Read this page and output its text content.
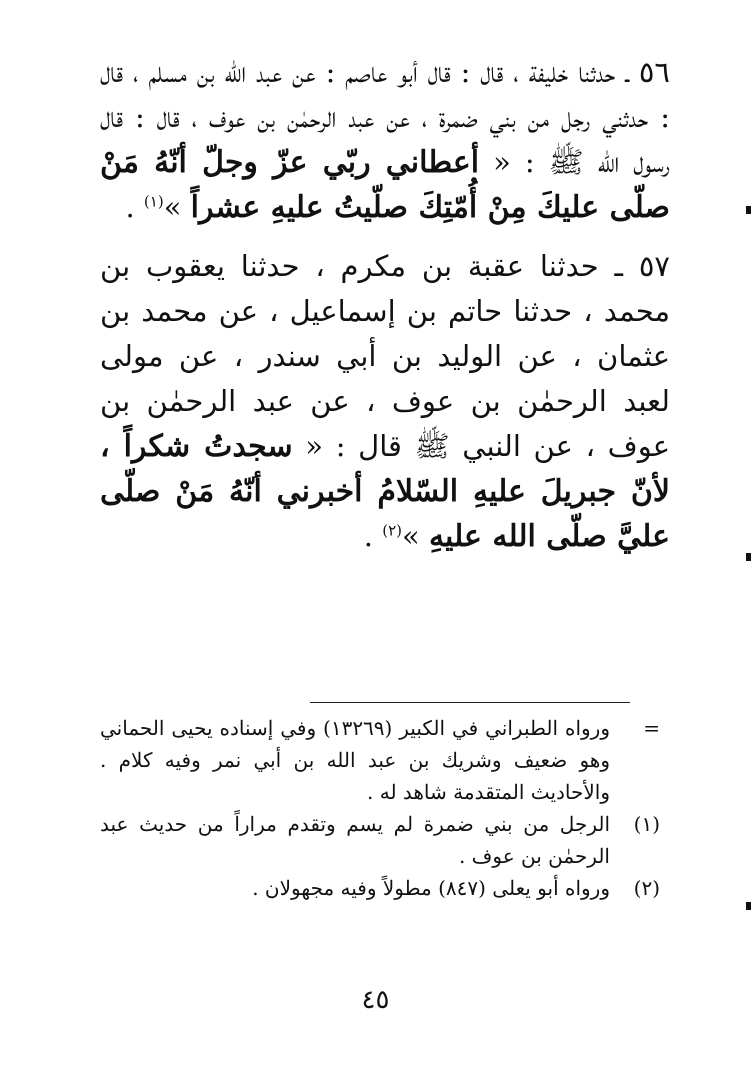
٥٦ ـ حدثنا خليفة ، قال : قال أبو عاصم : عن عبد الله بن مسلم ، قال : حدثني رجل من بني ضمرة ، عن عبد الرحمٰن بن عوف ، قال : قال رسول الله ﷺ : « أعطاني ربّي عزّ وجلّ أنّهُ مَنْ صلّى عليكَ مِنْ أُمّتِكَ صلّيتُ عليهِ عشراً »$^{(١)}$ .

٥٧ ـ حدثنا عقبة بن مكرم ، حدثنا يعقوب بن محمد ، حدثنا حاتم بن إسماعيل ، عن محمد بن عثمان ، عن الوليد بن أبي سندر ، عن مولى لعبد الرحمٰن بن عوف ، عن عبد الرحمٰن بن عوف ، عن النبي ﷺ قال : « سجدتُ شكراً ، لأنّ جبريلَ عليهِ السّلامُ أخبرني أنّهُ مَنْ صلّى عليَّ صلّى الله عليهِ »$^{(٢)}$ .

=
ورواه الطبراني في الكبير (١٣٢٦٩) وفي إسناده يحيى الحماني وهو ضعيف وشريك بن عبد الله بن أبي نمر وفيه كلام . والأحاديث المتقدمة شاهد له .
(١)
الرجل من بني ضمرة لم يسم وتقدم مراراً من حديث عبد الرحمٰن بن عوف .
(٢)
ورواه أبو يعلى (٨٤٧) مطولاً وفيه مجهولان .
٤٥
